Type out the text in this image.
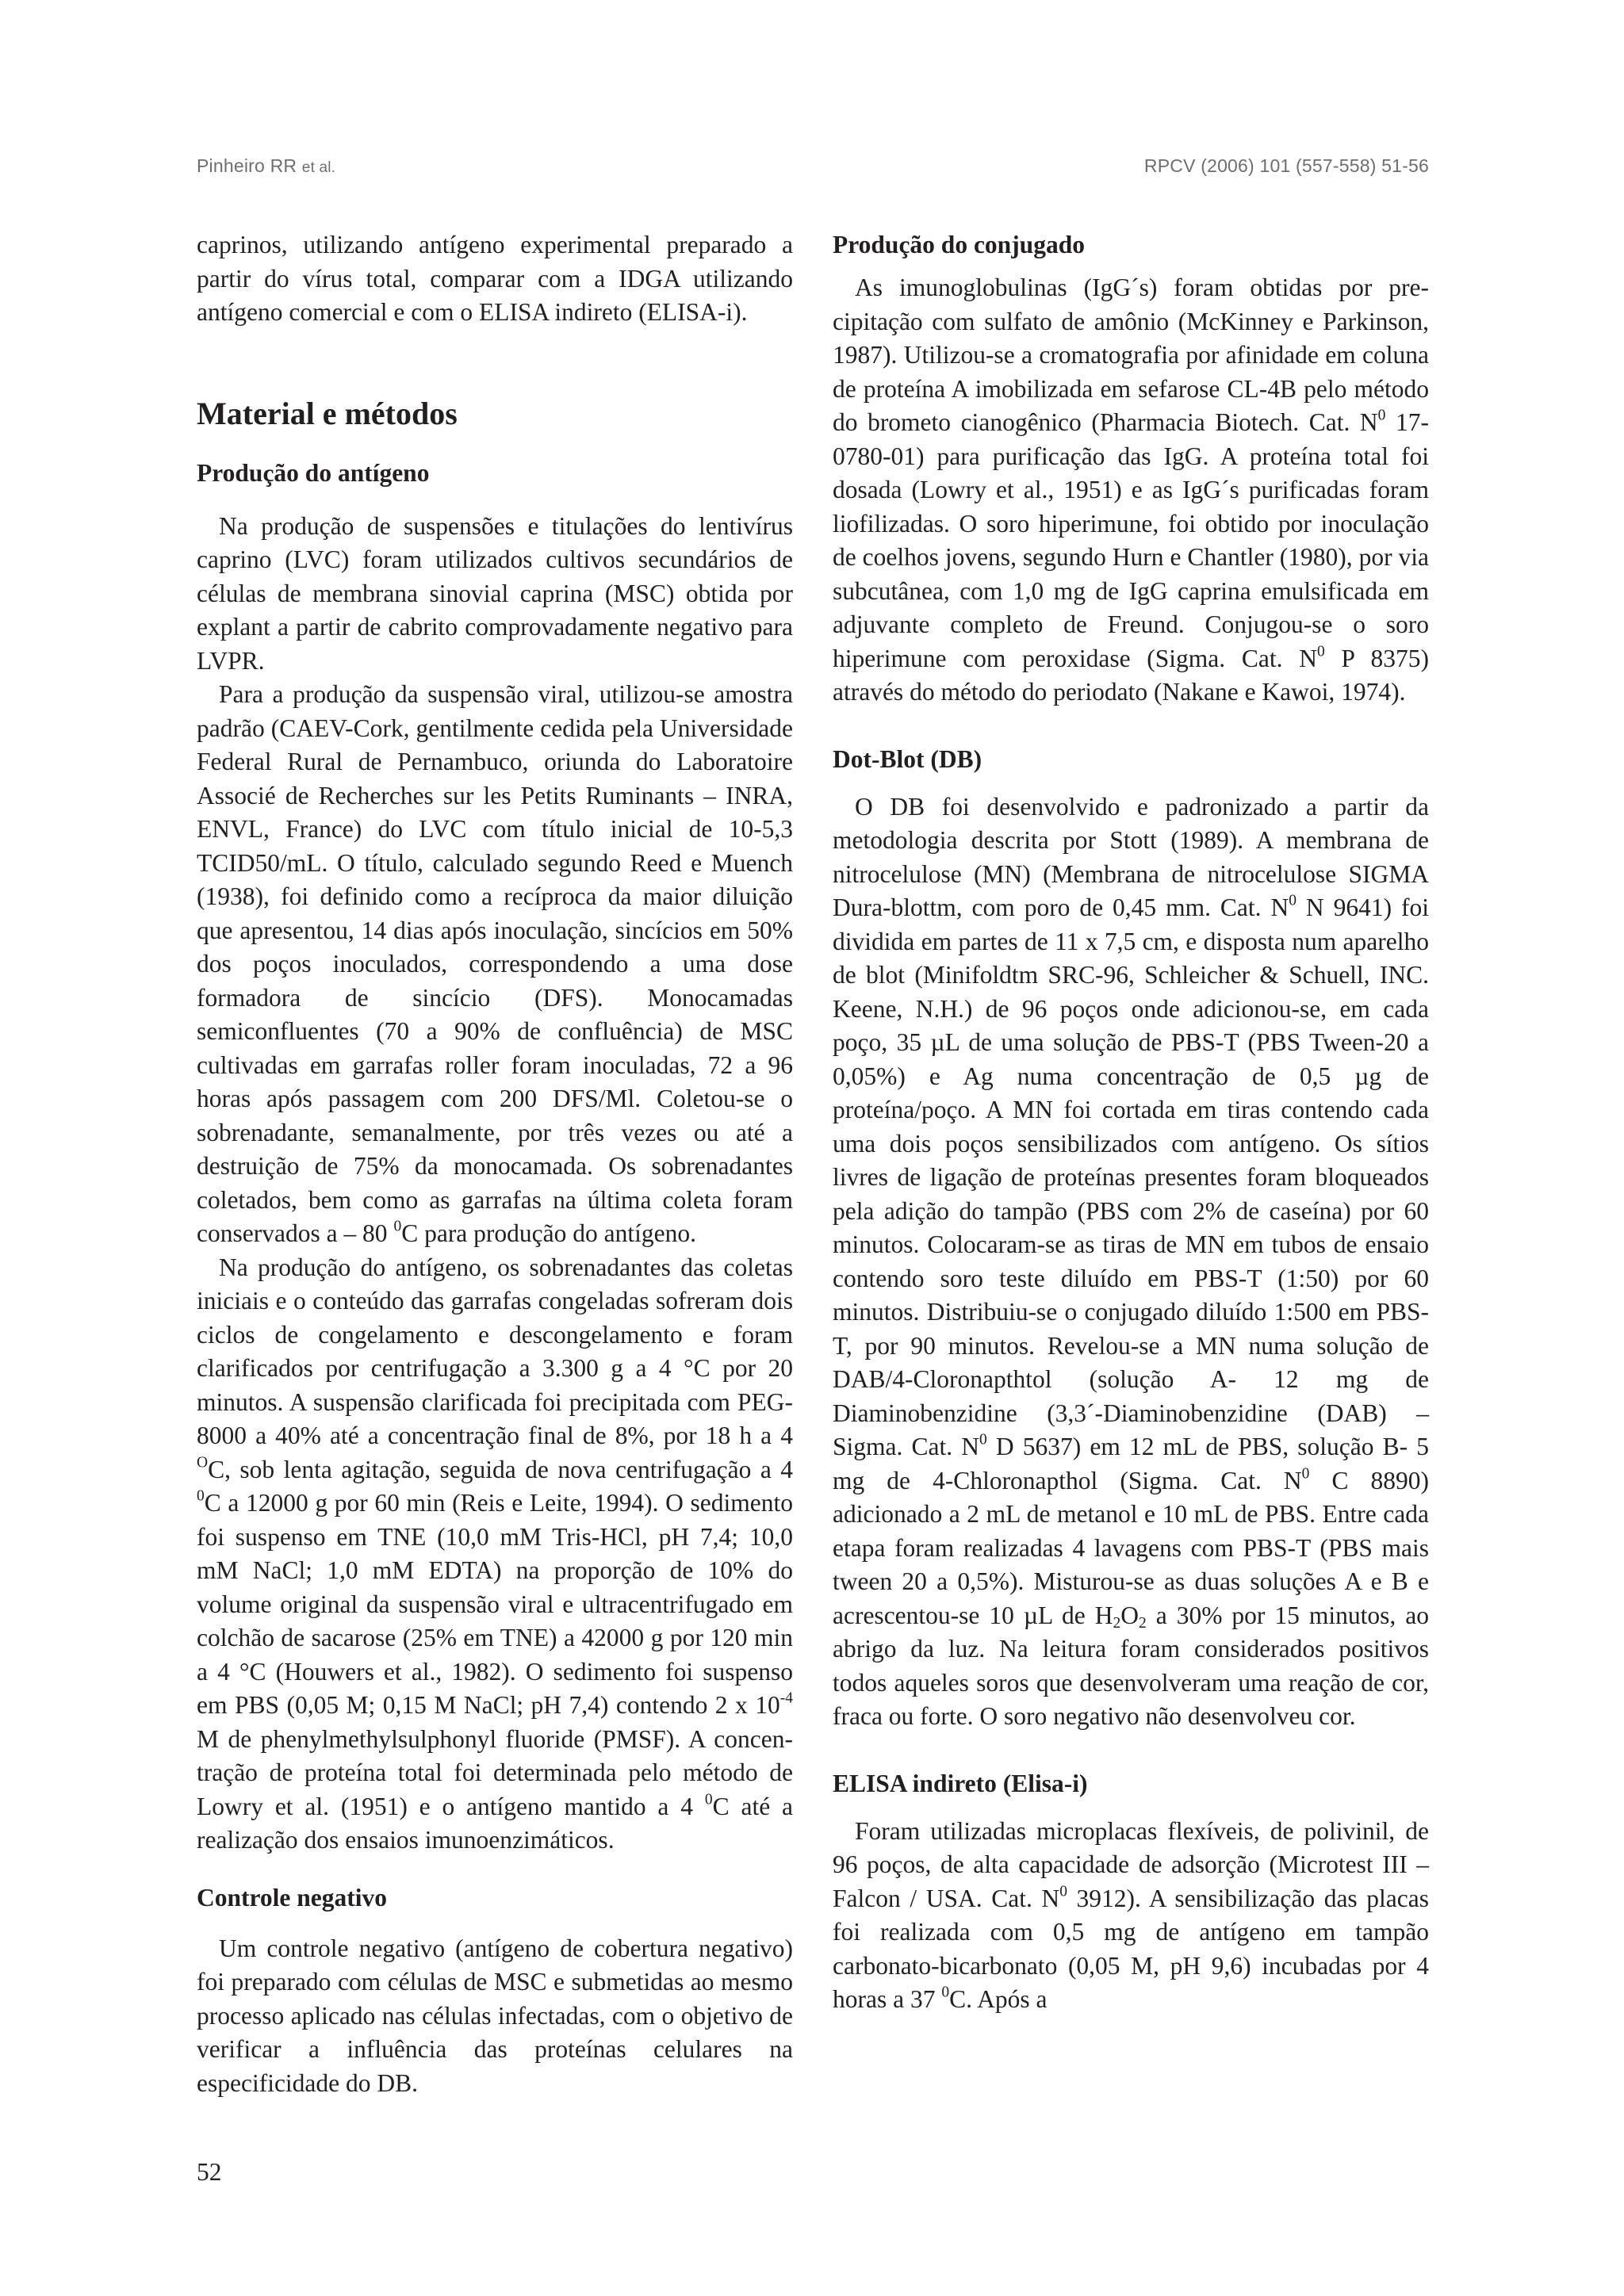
Pinheiro RR et al.	RPCV (2006) 101 (557-558) 51-56

caprinos, utilizando antígeno experimental preparado a partir do vírus total, comparar com a IDGA utilizando antígeno comercial e com o ELISA indireto (ELISA-i).

Material e métodos
Produção do antígeno

Na produção de suspensões e titulações do lentivírus caprino (LVC) foram utilizados cultivos secundários de células de membrana sinovial caprina (MSC) obtida por explant a partir de cabrito comprovadamente negativo para LVPR.

Para a produção da suspensão viral, utilizou-se amostra padrão (CAEV-Cork, gentilmente cedida pela Universidade Federal Rural de Pernambuco, oriunda do Laboratoire Associé de Recherches sur les Petits Ruminants – INRA, ENVL, France) do LVC com título inicial de 10-5,3 TCID50/mL. O título, calculado segundo Reed e Muench (1938), foi definido como a recíproca da maior diluição que apresentou, 14 dias após inoculação, sincícios em 50% dos poços inoculados, correspondendo a uma dose formadora de sincício (DFS). Monocamadas semiconfluentes (70 a 90% de confluência) de MSC cultivadas em garrafas roller foram inoculadas, 72 a 96 horas após passagem com 200 DFS/Ml. Coletou-se o sobrenadante, semanalmente, por três vezes ou até a destruição de 75% da monocamada. Os sobrenadantes coletados, bem como as garrafas na última coleta foram conservados a – 80 $^0$C para produção do antígeno.

Na produção do antígeno, os sobrenadantes das coletas iniciais e o conteúdo das garrafas congeladas sofreram dois ciclos de congelamento e descongelamento e foram clarificados por centrifugação a 3.300 g a 4 °C por 20 minutos. A suspensão clarificada foi precipitada com PEG-8000 a 40% até a concentração final de 8%, por 18 h a 4 $^O$C, sob lenta agitação, seguida de nova centrifugação a 4 $^0$C a 12000 g por 60 min (Reis e Leite, 1994). O sedimento foi suspenso em TNE (10,0 mM Tris-HCl, pH 7,4; 10,0 mM NaCl; 1,0 mM EDTA) na proporção de 10% do volume original da suspensão viral e ultracentrifugado em colchão de sacarose (25% em TNE) a 42000 g por 120 min a 4 °C (Houwers et al., 1982). O sedimento foi suspenso em PBS (0,05 M; 0,15 M NaCl; pH 7,4) contendo 2 x $10^{-4}$ M de phenylmethylsulphonyl fluoride (PMSF). A concentração de proteína total foi determinada pelo método de Lowry et al. (1951) e o antígeno mantido a 4 $^0$C até a realização dos ensaios imunoenzimáticos.

Controle negativo

Um controle negativo (antígeno de cobertura negativo) foi preparado com células de MSC e submetidas ao mesmo processo aplicado nas células infectadas, com o objetivo de verificar a influência das proteínas celulares na especificidade do DB.

Produção do conjugado

As imunoglobulinas (IgG´s) foram obtidas por precipitação com sulfato de amônio (McKinney e Parkinson, 1987). Utilizou-se a cromatografia por afinidade em coluna de proteína A imobilizada em sefarose CL-4B pelo método do brometo cianogênico (Pharmacia Biotech. Cat. $N^0$ 17-0780-01) para purificação das IgG. A proteína total foi dosada (Lowry et al., 1951) e as IgG´s purificadas foram liofilizadas. O soro hiperimune, foi obtido por inoculação de coelhos jovens, segundo Hurn e Chantler (1980), por via subcutânea, com 1,0 mg de IgG caprina emulsificada em adjuvante completo de Freund. Conjugou-se o soro hiperimune com peroxidase (Sigma. Cat. $N^0$ P 8375) através do método do periodato (Nakane e Kawoi, 1974).

Dot-Blot (DB)

O DB foi desenvolvido e padronizado a partir da metodologia descrita por Stott (1989). A membrana de nitrocelulose (MN) (Membrana de nitrocelulose SIGMA Dura-blottm, com poro de 0,45 mm. Cat. $N^0$ N 9641) foi dividida em partes de 11 x 7,5 cm, e disposta num aparelho de blot (Minifoldtm SRC-96, Schleicher & Schuell, INC. Keene, N.H.) de 96 poços onde adicionou-se, em cada poço, 35 µL de uma solução de PBS-T (PBS Tween-20 a 0,05%) e Ag numa concentração de 0,5 µg de proteína/poço. A MN foi cortada em tiras contendo cada uma dois poços sensibilizados com antígeno. Os sítios livres de ligação de proteínas presentes foram bloqueados pela adição do tampão (PBS com 2% de caseína) por 60 minutos. Colocaram-se as tiras de MN em tubos de ensaio contendo soro teste diluído em PBS-T (1:50) por 60 minutos. Distribuiu-se o conjugado diluído 1:500 em PBS-T, por 90 minutos. Revelou-se a MN numa solução de DAB/4-Cloronapthtol (solução A- 12 mg de Diaminobenzidine (3,3´-Diaminobenzidine (DAB) – Sigma. Cat. $N^0$ D 5637) em 12 mL de PBS, solução B- 5 mg de 4-Chloronapthol (Sigma. Cat. $N^0$ C 8890) adicionado a 2 mL de metanol e 10 mL de PBS. Entre cada etapa foram realizadas 4 lavagens com PBS-T (PBS mais tween 20 a 0,5%). Misturou-se as duas soluções A e B e acrescentou-se 10 µL de $H_2O_2$ a 30% por 15 minutos, ao abrigo da luz. Na leitura foram considerados positivos todos aqueles soros que desenvolveram uma reação de cor, fraca ou forte. O soro negativo não desenvolveu cor.

ELISA indireto (Elisa-i)

Foram utilizadas microplacas flexíveis, de polivinil, de 96 poços, de alta capacidade de adsorção (Microtest III – Falcon / USA. Cat. $N^0$ 3912). A sensibilização das placas foi realizada com 0,5 mg de antígeno em tampão carbonato-bicarbonato (0,05 M, pH 9,6) incubadas por 4 horas a 37 $^0$C. Após a

52
